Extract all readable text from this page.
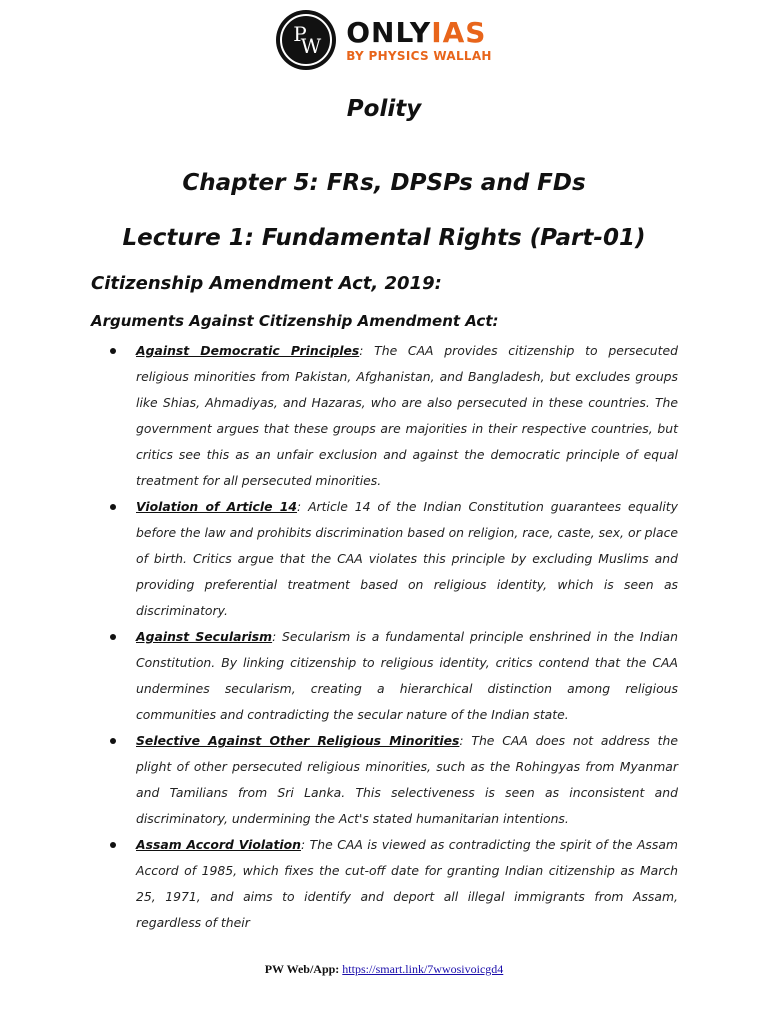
P
W ONLYIAS
BY PHYSICS WALLAH
Polity
Chapter 5: FRs, DPSPs and FDs
Lecture 1: Fundamental Rights (Part-01)
Citizenship Amendment Act, 2019:
Arguments Against Citizenship Amendment Act:
Against Democratic Principles: The CAA provides citizenship to persecuted religious minorities from Pakistan, Afghanistan, and Bangladesh, but excludes groups like Shias, Ahmadiyas, and Hazaras, who are also persecuted in these countries. The government argues that these groups are majorities in their respective countries, but critics see this as an unfair exclusion and against the democratic principle of equal treatment for all persecuted minorities.
Violation of Article 14: Article 14 of the Indian Constitution guarantees equality before the law and prohibits discrimination based on religion, race, caste, sex, or place of birth. Critics argue that the CAA violates this principle by excluding Muslims and providing preferential treatment based on religious identity, which is seen as discriminatory.
Against Secularism: Secularism is a fundamental principle enshrined in the Indian Constitution. By linking citizenship to religious identity, critics contend that the CAA undermines secularism, creating a hierarchical distinction among religious communities and contradicting the secular nature of the Indian state.
Selective Against Other Religious Minorities: The CAA does not address the plight of other persecuted religious minorities, such as the Rohingyas from Myanmar and Tamilians from Sri Lanka. This selectiveness is seen as inconsistent and discriminatory, undermining the Act's stated humanitarian intentions.
Assam Accord Violation: The CAA is viewed as contradicting the spirit of the Assam Accord of 1985, which fixes the cut-off date for granting Indian citizenship as March 25, 1971, and aims to identify and deport all illegal immigrants from Assam, regardless of their
PW Web/App: https://smart.link/7wwosivoicgd4
